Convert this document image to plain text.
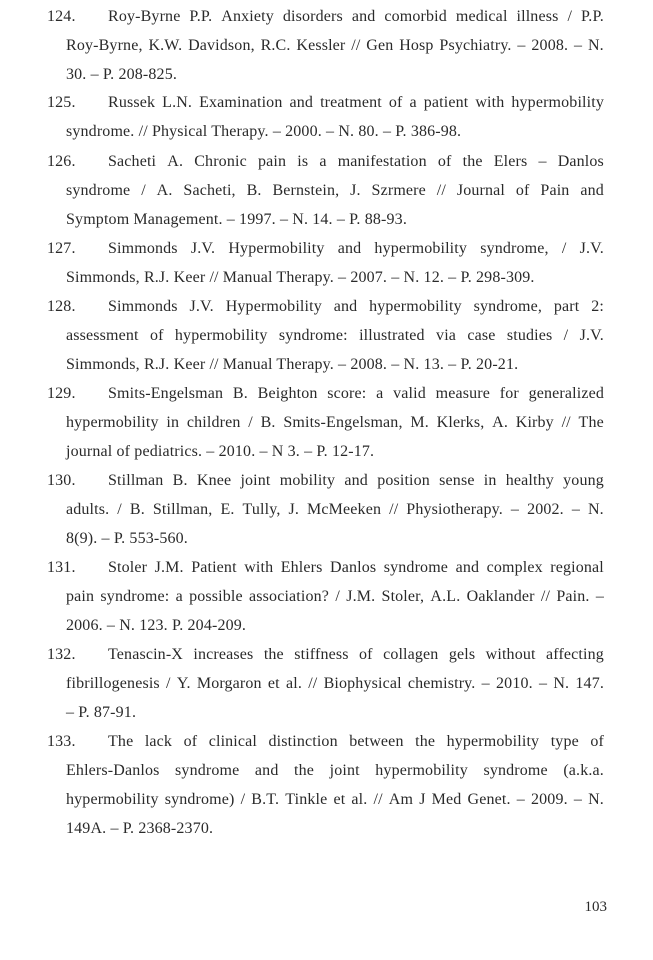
124. Roy-Byrne P.P. Anxiety disorders and comorbid medical illness / P.P.
Roy-Byrne, K.W. Davidson, R.C. Kessler // Gen Hosp Psychiatry. – 2008. – N.
30. – P. 208-825.
125. Russek L.N. Examination and treatment of a patient with hypermobility
syndrome. // Physical Therapy. – 2000. – N. 80. – P. 386-98.
126. Sacheti A. Chronic pain is a manifestation of the Elers – Danlos
syndrome / A. Sacheti, B. Bernstein, J. Szrmere // Journal of Pain and
Symptom Management. – 1997. – N. 14. – P. 88-93.
127. Simmonds J.V. Hypermobility and hypermobility syndrome, / J.V.
Simmonds, R.J. Keer // Manual Therapy. – 2007. – N. 12. – P. 298-309.
128. Simmonds J.V. Hypermobility and hypermobility syndrome, part 2:
assessment of hypermobility syndrome: illustrated via case studies / J.V.
Simmonds, R.J. Keer // Manual Therapy. – 2008. – N. 13. – P. 20-21.
129. Smits-Engelsman B. Beighton score: a valid measure for generalized
hypermobility in children / B. Smits-Engelsman, M. Klerks, A. Kirby // The
journal of pediatrics. – 2010. – N 3. – P. 12-17.
130. Stillman B. Knee joint mobility and position sense in healthy young
adults. / B. Stillman, E. Tully, J. McMeeken // Physiotherapy. – 2002. – N.
8(9). – P. 553-560.
131. Stoler J.M. Patient with Ehlers Danlos syndrome and complex regional
pain syndrome: a possible association? / J.M. Stoler, A.L. Oaklander // Pain. –
2006. – N. 123. P. 204-209.
132. Tenascin-X increases the stiffness of collagen gels without affecting
fibrillogenesis / Y. Morgaron et al. // Biophysical chemistry. – 2010. – N. 147.
– P. 87-91.
133. The lack of clinical distinction between the hypermobility type of
Ehlers-Danlos syndrome and the joint hypermobility syndrome (a.k.a.
hypermobility syndrome) / B.T. Tinkle et al. // Am J Med Genet. – 2009. – N.
149A. – P. 2368-2370.
103
